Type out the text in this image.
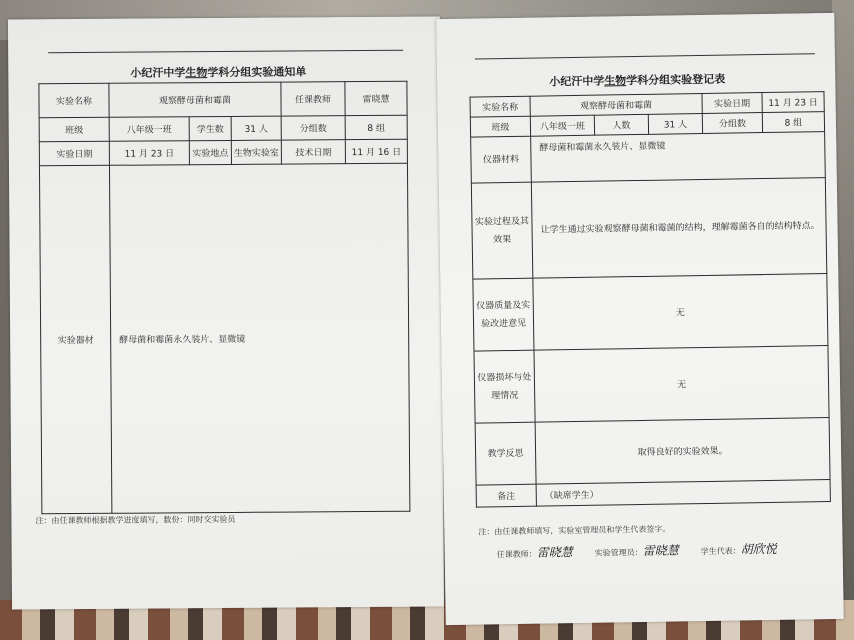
小纪汗中学生物学科分组实验通知单
实验名称	观察酵母菌和霉菌			任课教师	雷晓慧
班级	八年级一班	学生数	31 人	分组数	8 组
实验日期	11 月 23 日	实验地点	生物实验室	技术日期	11 月 16 日
实验器材	酵母菌和霉菌永久装片、显微镜				
注：由任课教师根据教学进度填写，数份：同时交实验员
小纪汗中学生物学科分组实验登记表
实验名称	观察酵母菌和霉菌			实验日期	11 月 23 日
班级	八年级一班	人数	31 人	分组数	8 组
仪器材料	酵母菌和霉菌永久装片、显微镜				
实验过程及其效果	让学生通过实验观察酵母菌和霉菌的结构，理解霉菌各自的结构特点。				
仪器质量及实验改进意见	无				
仪器损坏与处理情况	无				
教学反思	取得良好的实验效果。				
备注	（缺席学生）				
注：由任课教师填写，实验室管理员和学生代表签字。
任课教师：雷晓慧	实验管理员：雷晓慧	学生代表：胡欣悦
